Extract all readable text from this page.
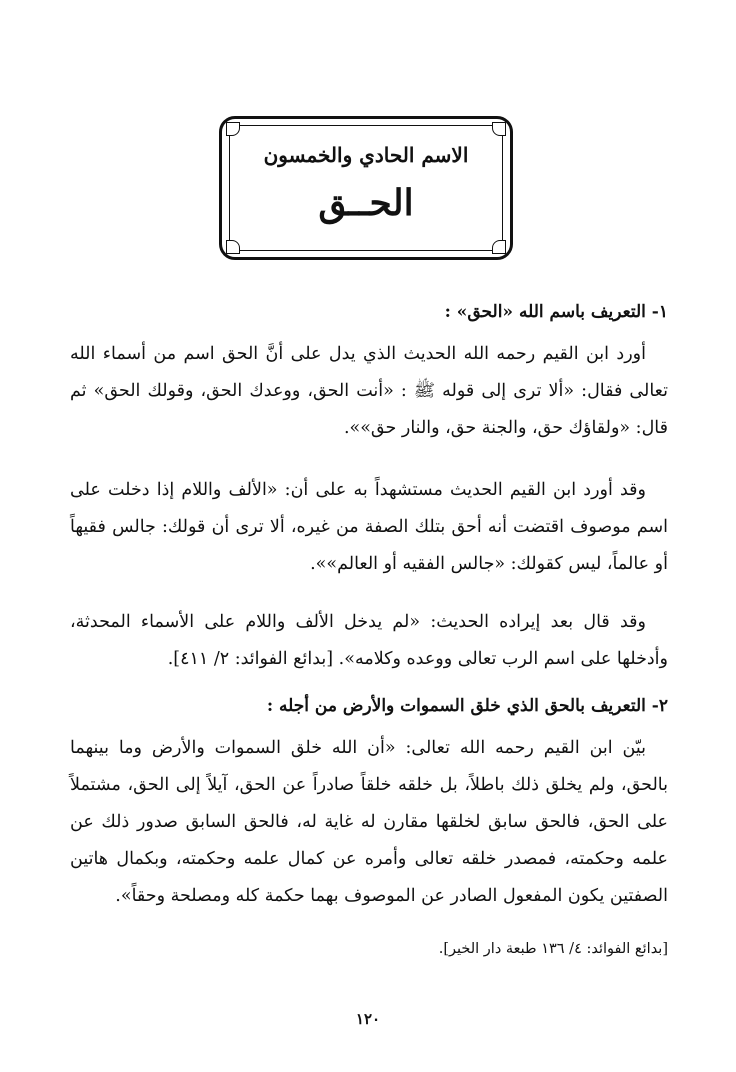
الاسم الحادي والخمسون
الحــق
١- التعريف باسم الله «الحق» :
أورد ابن القيم رحمه الله الحديث الذي يدل على أنَّ الحق اسم من أسماء الله تعالى فقال: «ألا ترى إلى قوله ﷺ : «أنت الحق، ووعدك الحق، وقولك الحق» ثم قال: «ولقاؤك حق، والجنة حق، والنار حق»».
وقد أورد ابن القيم الحديث مستشهداً به على أن: «الألف واللام إذا دخلت على اسم موصوف اقتضت أنه أحق بتلك الصفة من غيره، ألا ترى أن قولك: جالس فقيهاً أو عالماً، ليس كقولك: «جالس الفقيه أو العالم»».
وقد قال بعد إيراده الحديث: «لم يدخل الألف واللام على الأسماء المحدثة، وأدخلها على اسم الرب تعالى ووعده وكلامه». [بدائع الفوائد: ٢/ ٤١١].
٢- التعريف بالحق الذي خلق السموات والأرض من أجله :
بيّن ابن القيم رحمه الله تعالى: «أن الله خلق السموات والأرض وما بينهما بالحق، ولم يخلق ذلك باطلاً، بل خلقه خلقاً صادراً عن الحق، آيلاً إلى الحق، مشتملاً على الحق، فالحق سابق لخلقها مقارن له غاية له، فالحق السابق صدور ذلك عن علمه وحكمته، فمصدر خلقه تعالى وأمره عن كمال علمه وحكمته، وبكمال هاتين الصفتين يكون المفعول الصادر عن الموصوف بهما حكمة كله ومصلحة وحقاً».
[بدائع الفوائد: ٤/ ١٣٦ طبعة دار الخير].
١٢٠
